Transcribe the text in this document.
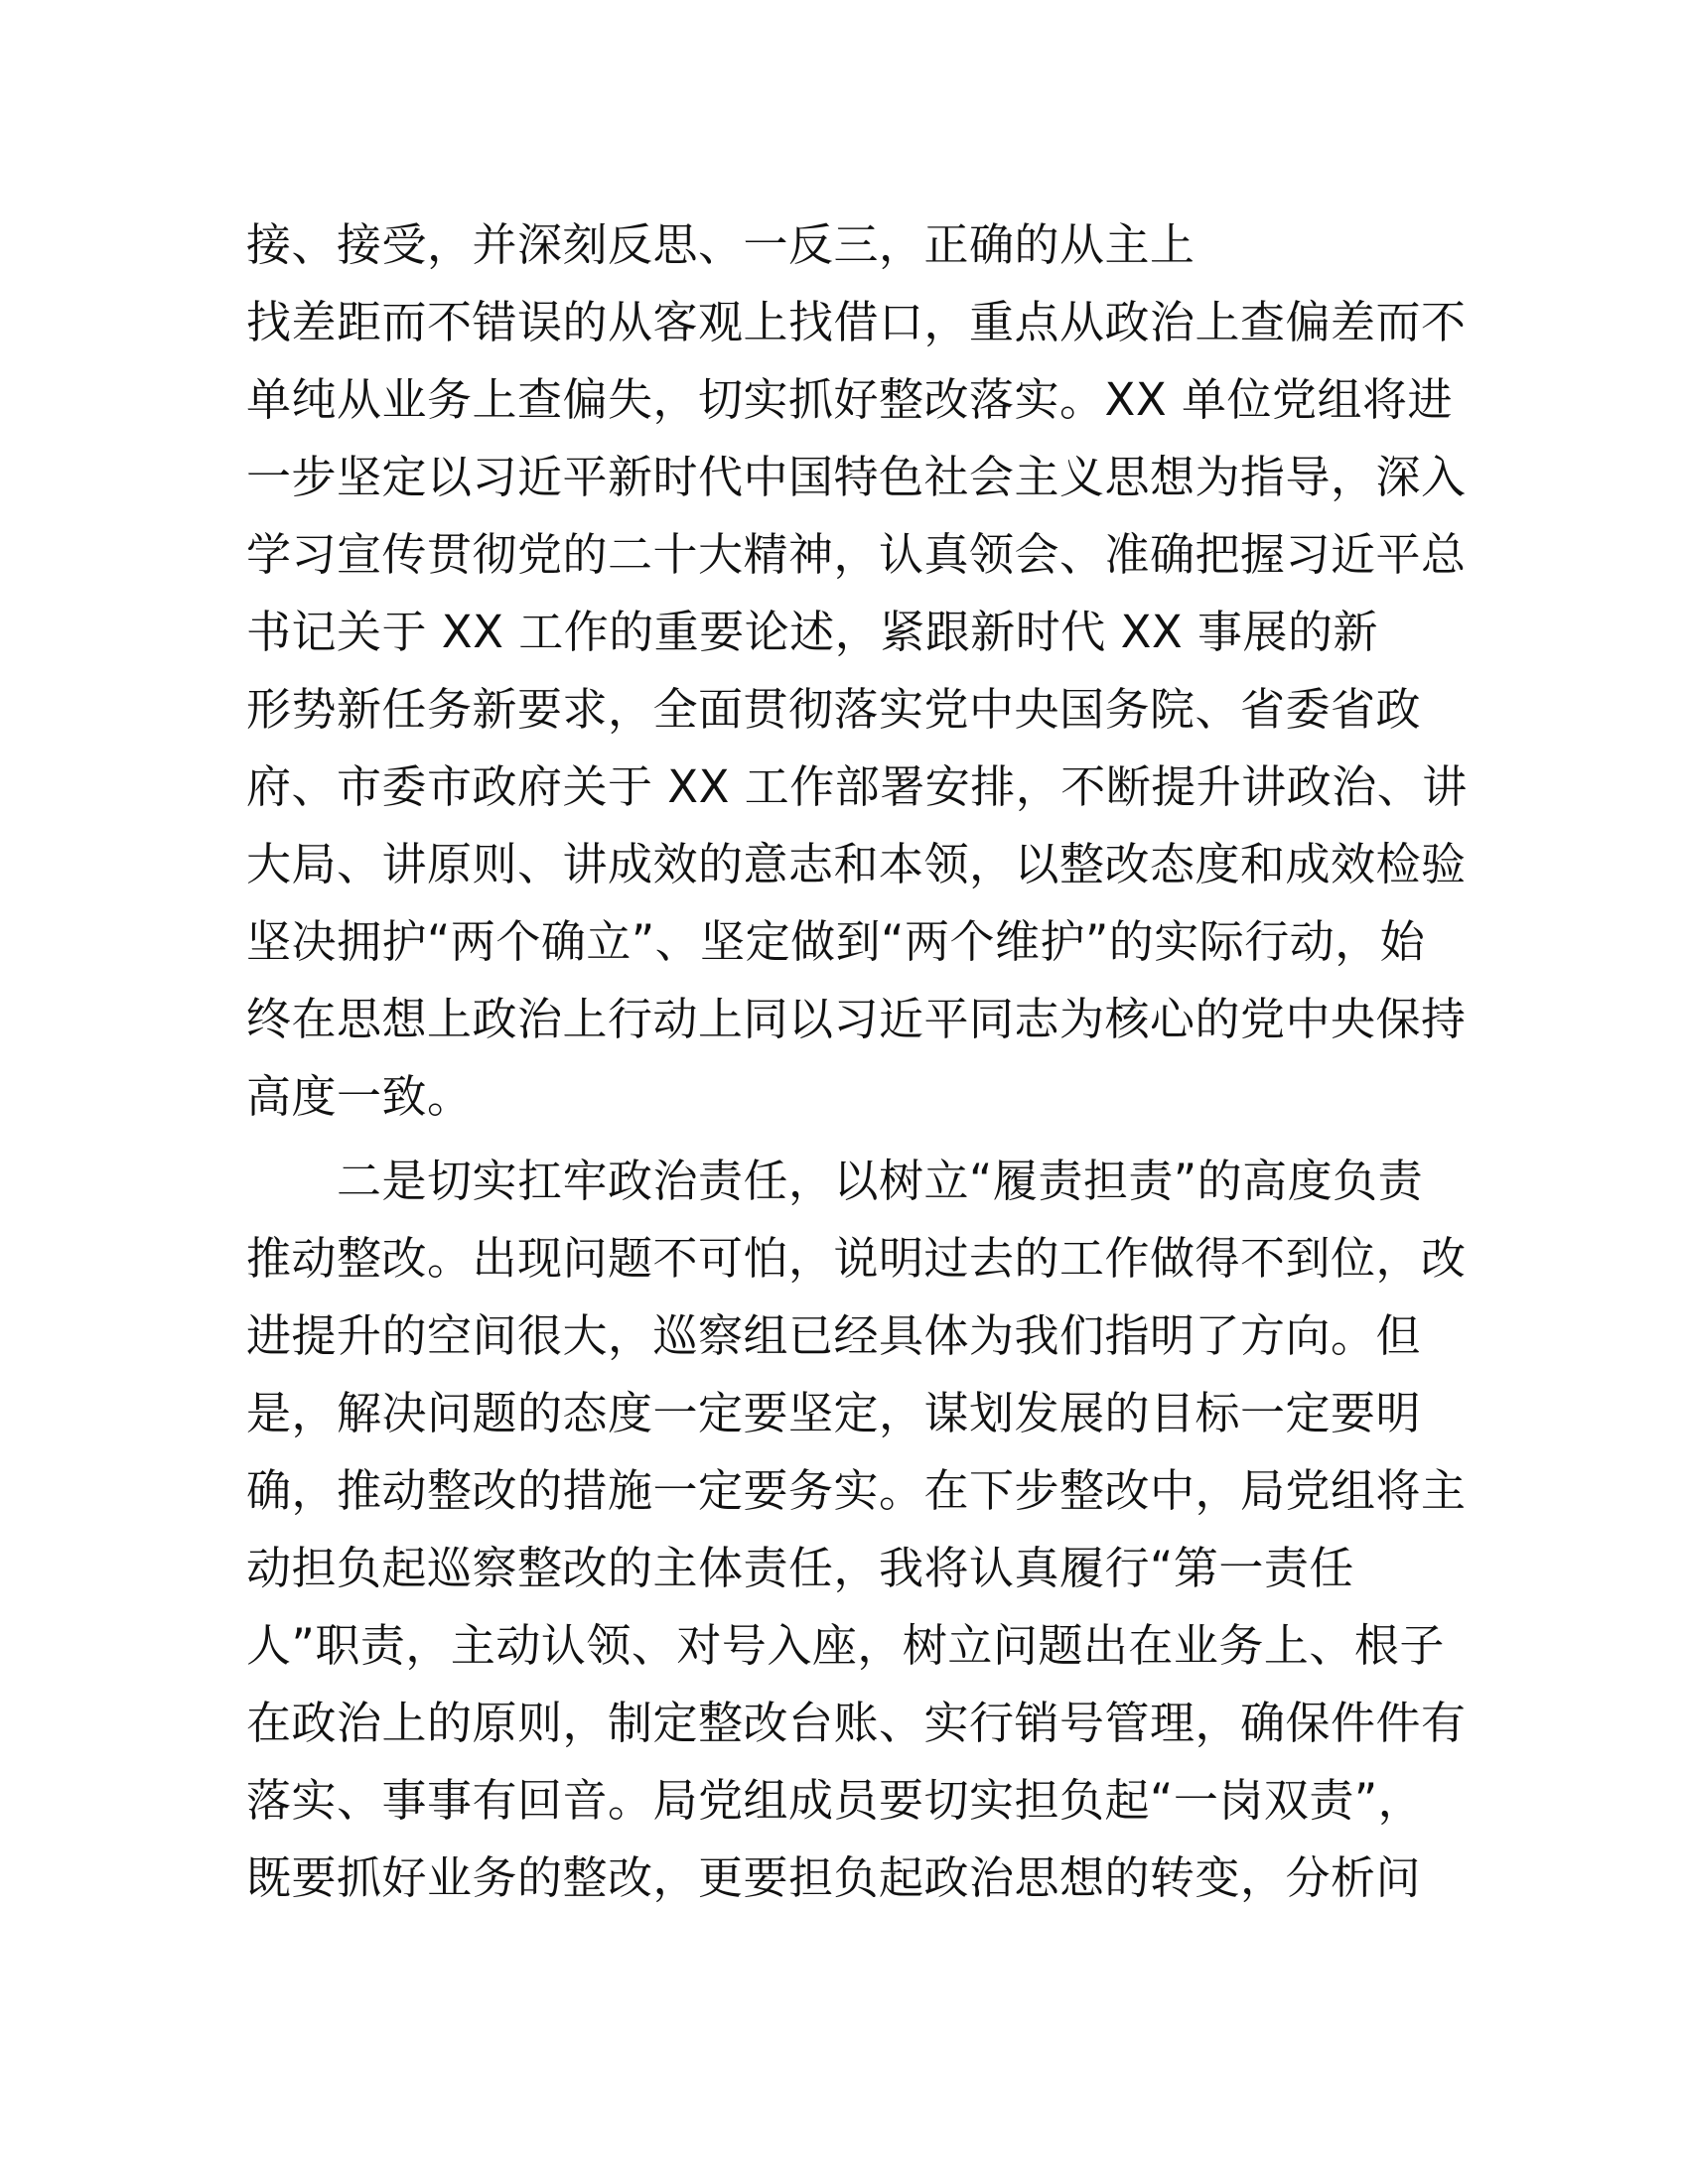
接、接受，并深刻反思、一反三，正确的从主上
找差距而不错误的从客观上找借口，重点从政治上查偏差而不
单纯从业务上查偏失，切实抓好整改落实。XX 单位党组将进
一步坚定以习近平新时代中国特色社会主义思想为指导，深入
学习宣传贯彻党的二十大精神，认真领会、准确把握习近平总
书记关于 XX 工作的重要论述，紧跟新时代 XX 事展的新
形势新任务新要求，全面贯彻落实党中央国务院、省委省政
府、市委市政府关于 XX 工作部署安排，不断提升讲政治、讲
大局、讲原则、讲成效的意志和本领，以整改态度和成效检验
坚决拥护“两个确立”、坚定做到“两个维护”的实际行动，始
终在思想上政治上行动上同以习近平同志为核心的党中央保持
高度一致。
　　二是切实扛牢政治责任，以树立“履责担责”的高度负责
推动整改。出现问题不可怕，说明过去的工作做得不到位，改
进提升的空间很大，巡察组已经具体为我们指明了方向。但
是，解决问题的态度一定要坚定，谋划发展的目标一定要明
确，推动整改的措施一定要务实。在下步整改中，局党组将主
动担负起巡察整改的主体责任，我将认真履行“第一责任
人”职责，主动认领、对号入座，树立问题出在业务上、根子
在政治上的原则，制定整改台账、实行销号管理，确保件件有
落实、事事有回音。局党组成员要切实担负起“一岗双责”，
既要抓好业务的整改，更要担负起政治思想的转变，分析问
